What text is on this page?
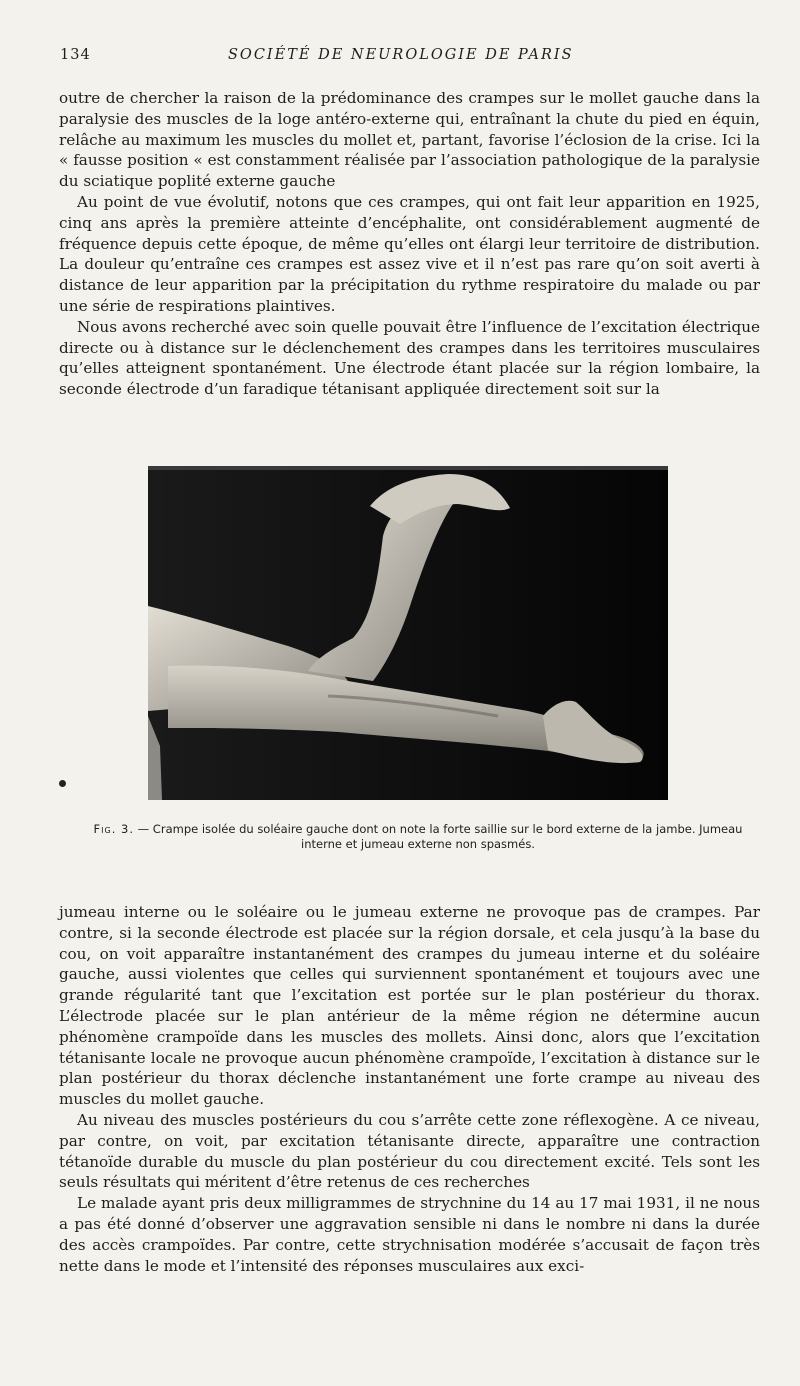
134	SOCIÉTÉ DE NEUROLOGIE DE PARIS

outre de chercher la raison de la prédominance des crampes sur le mollet gauche dans la paralysie des muscles de la loge antéro-externe qui, entraînant la chute du pied en équin, relâche au maximum les muscles du mollet et, partant, favorise l’éclosion de la crise. Ici la « fausse position « est constamment réalisée par l’association pathologique de la paralysie du sciatique poplité externe gauche

Au point de vue évolutif, notons que ces crampes, qui ont fait leur apparition en 1925, cinq ans après la première atteinte d’encéphalite, ont considérablement augmenté de fréquence depuis cette époque, de même qu’elles ont élargi leur territoire de distribution. La douleur qu’entraîne ces crampes est assez vive et il n’est pas rare qu’on soit averti à distance de leur apparition par la précipitation du rythme respiratoire du malade ou par une série de respirations plaintives.

Nous avons recherché avec soin quelle pouvait être l’influence de l’excitation électrique directe ou à distance sur le déclenchement des crampes dans les territoires musculaires qu’elles atteignent spontanément. Une électrode étant placée sur la région lombaire, la seconde électrode d’un faradique tétanisant appliquée directement soit sur la

Fig. 3. — Crampe isolée du soléaire gauche dont on note la forte saillie sur le bord externe de la jambe. Jumeau interne et jumeau externe non spasmés.

jumeau interne ou le soléaire ou le jumeau externe ne provoque pas de crampes. Par contre, si la seconde électrode est placée sur la région dorsale, et cela jusqu’à la base du cou, on voit apparaître instantanément des crampes du jumeau interne et du soléaire gauche, aussi violentes que celles qui surviennent spontanément et toujours avec une grande régularité tant que l’excitation est portée sur le plan postérieur du thorax. L’électrode placée sur le plan antérieur de la même région ne détermine aucun phénomène crampoïde dans les muscles des mollets. Ainsi donc, alors que l’excitation tétanisante locale ne provoque aucun phénomène crampoïde, l’excitation à distance sur le plan postérieur du thorax déclenche instantanément une forte crampe au niveau des muscles du mollet gauche.

Au niveau des muscles postérieurs du cou s’arrête cette zone réflexogène. A ce niveau, par contre, on voit, par excitation tétanisante directe, apparaître une contraction tétanoïde durable du muscle du plan postérieur du cou directement excité. Tels sont les seuls résultats qui méritent d’être retenus de ces recherches

Le malade ayant pris deux milligrammes de strychnine du 14 au 17 mai 1931, il ne nous a pas été donné d’observer une aggravation sensible ni dans le nombre ni dans la durée des accès crampoïdes. Par contre, cette strychnisation modérée s’accusait de façon très nette dans le mode et l’intensité des réponses musculaires aux exci-
